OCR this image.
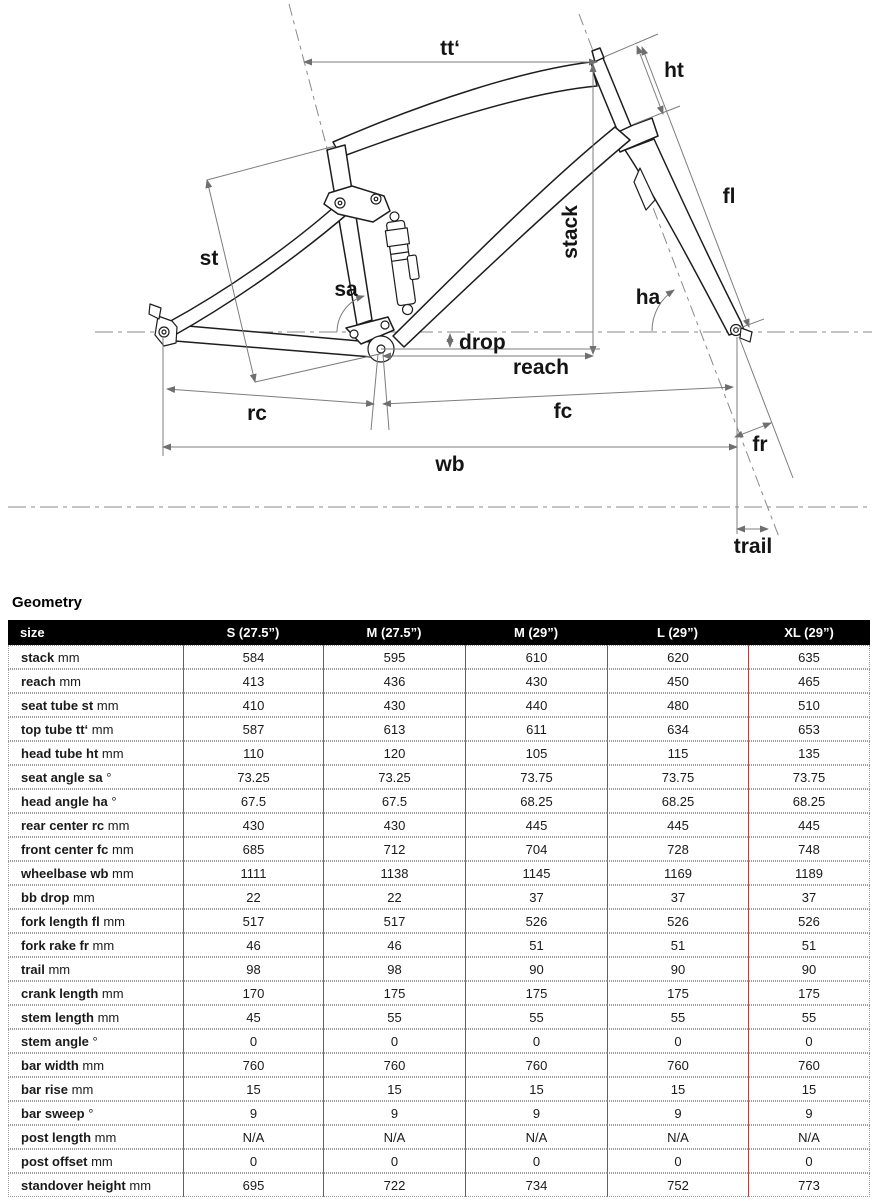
tt‘
ht
fl
stack
st
sa	ha
drop
reach
rc	fc
fr
wb
trail
Geometry
size	S (27.5”)	M (27.5”)	M (29”)	L (29”)	XL (29”)
stack mm	584	595	610	620	635
reach mm	413	436	430	450	465
seat tube st mm	410	430	440	480	510
top tube tt‘ mm	587	613	611	634	653
head tube ht mm	110	120	105	115	135
seat angle sa °	73.25	73.25	73.75	73.75	73.75
head angle ha °	67.5	67.5	68.25	68.25	68.25
rear center rc mm	430	430	445	445	445
front center fc mm	685	712	704	728	748
wheelbase wb mm	1111	1138	1145	1169	1189
bb drop mm	22	22	37	37	37
fork length fl mm	517	517	526	526	526
fork rake fr mm	46	46	51	51	51
trail mm	98	98	90	90	90
crank length mm	170	175	175	175	175
stem length mm	45	55	55	55	55
stem angle °	0	0	0	0	0
bar width mm	760	760	760	760	760
bar rise mm	15	15	15	15	15
bar sweep °	9	9	9	9	9
post length mm	N/A	N/A	N/A	N/A	N/A
post offset mm	0	0	0	0	0
standover height mm	695	722	734	752	773
